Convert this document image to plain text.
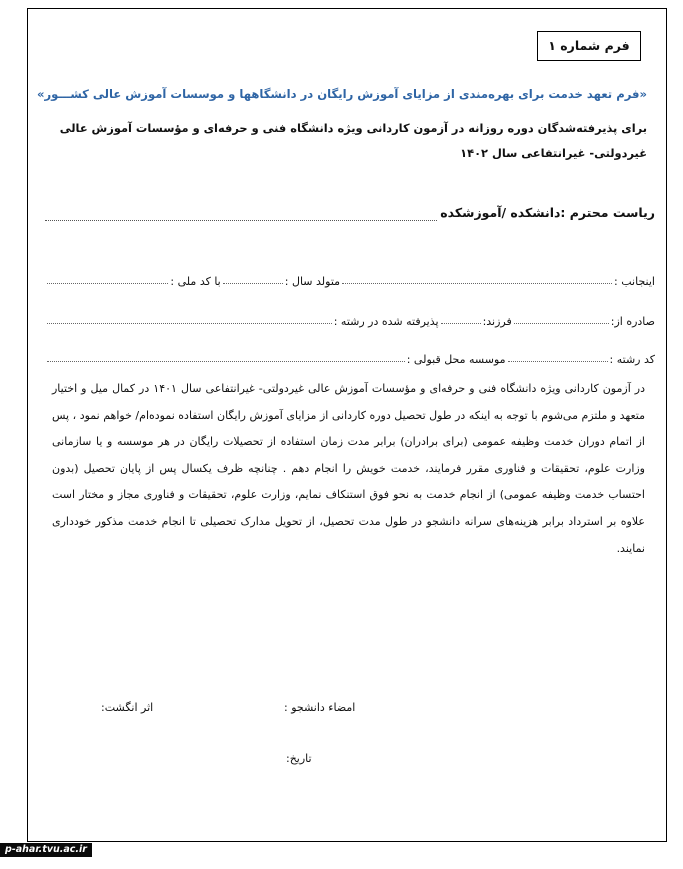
فرم شماره ۱
«فرم تعهد خدمت برای بهره‌مندی از مزایای آموزش رایگان در دانشگاهها و موسسات آموزش عالی کشـــور»
برای پذیرفته‌شدگان دوره روزانه در آزمون کاردانی ویژه دانشگاه فنی و حرفه‌ای و مؤسسات آموزش عالی غیردولتی- غیرانتفاعی سال ۱۴۰۲
ریاست محترم :دانشکده /آموزشکده
اینجانب :
متولد سال :
با کد ملی :
صادره از:
فرزند:
پذیرفته شده در رشته :
کد رشته :
موسسه محل قبولی :
در آزمون کاردانی ویژه دانشگاه فنی و حرفه‌ای و مؤسسات آموزش عالی غیردولتی- غیرانتفاعی سال ۱۴۰۱ در کمال میل و اختیار متعهد و ملتزم می‌شوم با توجه به اینکه در طول تحصیل دوره کاردانی از مزایای آموزش رایگان استفاده نموده‌ام/ خواهم نمود ، پس از اتمام دوران خدمت وظیفه عمومی (برای برادران) برابر مدت زمان استفاده از تحصیلات رایگان در هر موسسه و یا سازمانی وزارت علوم، تحقیقات و فناوری مقرر فرمایند، خدمت خویش را انجام دهم . چنانچه ظرف یکسال پس از پایان تحصیل (بدون احتساب خدمت وظیفه عمومی) از انجام خدمت به نحو فوق استنکاف نمایم، وزارت علوم، تحقیقات و فناوری مجاز و مختار است علاوه بر استرداد برابر هزینه‌های سرانه دانشجو در طول مدت تحصیل، از تحویل مدارک تحصیلی تا انجام خدمت مذکور خودداری نمایند.
امضاء دانشجو :
اثر انگشت:
تاریخ:
p-ahar.tvu.ac.ir
